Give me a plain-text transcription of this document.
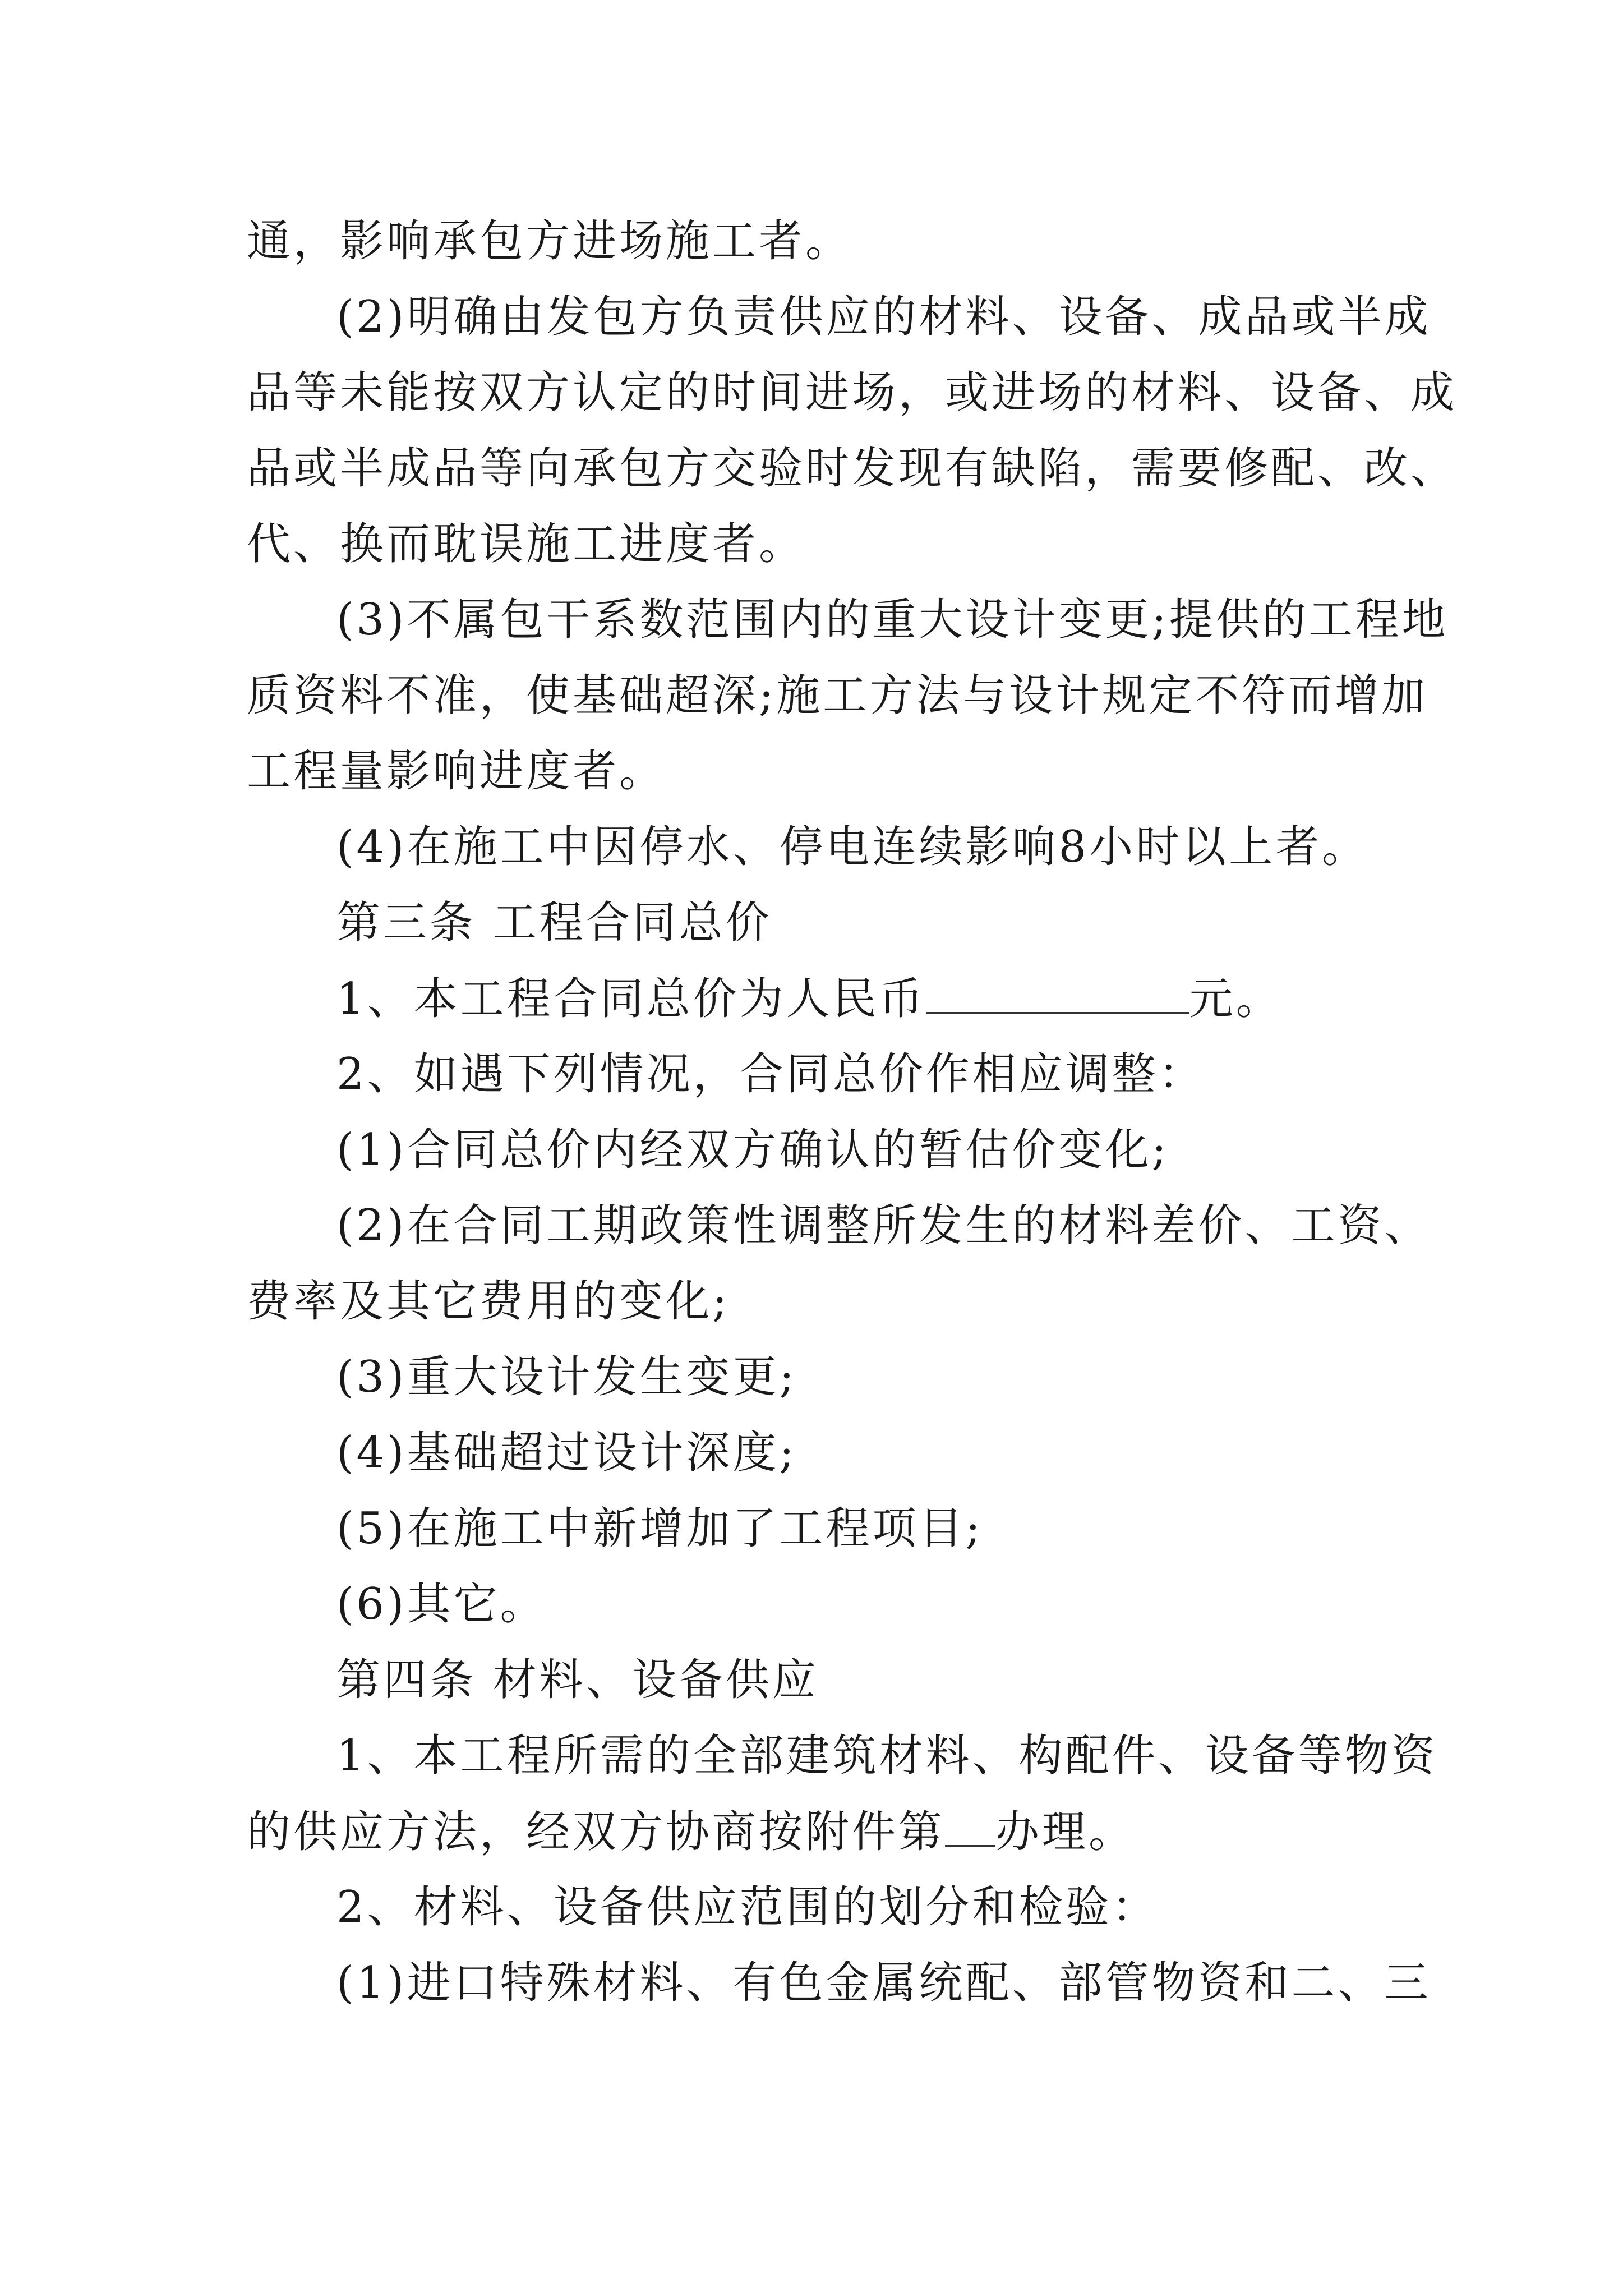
通，影响承包方进场施工者。
(2)明确由发包方负责供应的材料、设备、成品或半成
品等未能按双方认定的时间进场，或进场的材料、设备、成
品或半成品等向承包方交验时发现有缺陷，需要修配、改、
代、换而耽误施工进度者。
(3)不属包干系数范围内的重大设计变更;提供的工程地
质资料不准，使基础超深;施工方法与设计规定不符而增加
工程量影响进度者。
(4)在施工中因停水、停电连续影响8小时以上者。
第三条 工程合同总价
1、本工程合同总价为人民币	元。
2、如遇下列情况，合同总价作相应调整：
(1)合同总价内经双方确认的暂估价变化;
(2)在合同工期政策性调整所发生的材料差价、工资、
费率及其它费用的变化;
(3)重大设计发生变更;
(4)基础超过设计深度;
(5)在施工中新增加了工程项目;
(6)其它。
第四条 材料、设备供应
1、本工程所需的全部建筑材料、构配件、设备等物资
的供应方法，经双方协商按附件第 办理。
2、材料、设备供应范围的划分和检验：
(1)进口特殊材料、有色金属统配、部管物资和二、三
